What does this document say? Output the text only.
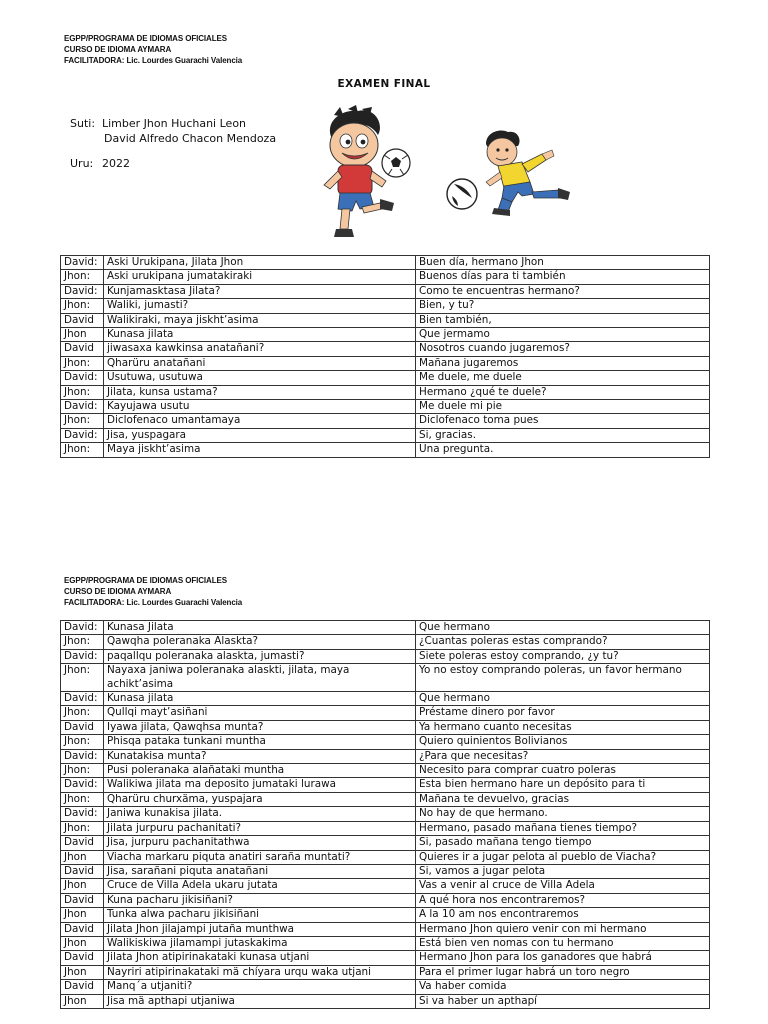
EGPP/PROGRAMA DE IDIOMAS OFICIALES
CURSO DE IDIOMA AYMARA
FACILITADORA: Lic. Lourdes Guarachi Valencia
EXAMEN FINAL
Suti: Limber Jhon Huchani Leon
David Alfredo Chacon Mendoza
Uru: 2022
David:	Aski Urukipana, Jilata Jhon	Buen día, hermano Jhon
Jhon:	Aski urukipana jumatakiraki	Buenos días para ti también
David:	Kunjamasktasa Jilata?	Como te encuentras hermano?
Jhon:	Waliki, jumasti?	Bien, y tu?
David	Walikiraki, maya jiskht’asima	Bien también,
Jhon	Kunasa jilata	Que jermamo
David	jiwasaxa kawkinsa anatañani?	Nosotros cuando jugaremos?
Jhon:	Qharüru anatañani	Mañana jugaremos
David:	Usutuwa, usutuwa	Me duele, me duele
Jhon:	Jilata, kunsa ustama?	Hermano ¿qué te duele?
David:	Kayujawa usutu	Me duele mi pie
Jhon:	Diclofenaco umantamaya	Diclofenaco toma pues
David:	Jisa, yuspagara	Si, gracias.
Jhon:	Maya jiskht’asima	Una pregunta.
EGPP/PROGRAMA DE IDIOMAS OFICIALES
CURSO DE IDIOMA AYMARA
FACILITADORA: Lic. Lourdes Guarachi Valencia
David:	Kunasa Jilata	Que hermano
Jhon:	Qawqha poleranaka Alaskta?	¿Cuantas poleras estas comprando?
David:	paqallqu poleranaka alaskta, jumasti?	Siete poleras estoy comprando, ¿y tu?
Jhon:	Nayaxa janiwa poleranaka alaskti, jilata, maya achikt’asima	Yo no estoy comprando poleras, un favor hermano
David:	Kunasa jilata	Que hermano
Jhon:	Qullqi mayt’asiñani	Préstame dinero por favor
David	Iyawa jilata, Qawqhsa munta?	Ya hermano cuanto necesitas
Jhon:	Phisqa pataka tunkani muntha	Quiero quinientos Bolivianos
David:	Kunatakisa munta?	¿Para que necesitas?
Jhon:	Pusi poleranaka alañataki muntha	Necesito para comprar cuatro poleras
David:	Walikiwa jilata ma deposito jumataki lurawa	Esta bien hermano hare un depósito para ti
Jhon:	Qharüru churxäma, yuspajara	Mañana te devuelvo, gracias
David:	Janiwa kunakisa jilata.	No hay de que hermano.
Jhon:	Jilata jurpuru pachanitati?	Hermano, pasado mañana tienes tiempo?
David	Jisa, jurpuru pachanitathwa	Si, pasado mañana tengo tiempo
Jhon	Viacha markaru piquta anatiri saraña muntati?	Quieres ir a jugar pelota al pueblo de Viacha?
David	Jisa, sarañani piquta anatañani	Si, vamos a jugar pelota
Jhon	Cruce de Villa Adela ukaru jutata	Vas a venir al cruce de Villa Adela
David	Kuna pacharu jikisiñani?	A qué hora nos encontraremos?
Jhon	Tunka alwa pacharu jikisiñani	A la 10 am nos encontraremos
David	Jilata Jhon jilajampi jutaña munthwa	Hermano Jhon quiero venir con mi hermano
Jhon	Walikiskiwa jilamampi jutaskakima	Está bien ven nomas con tu hermano
David	Jilata Jhon atipirinakataki kunasa utjani	Hermano Jhon para los ganadores que habrá
Jhon	Nayriri atipirinakataki mä chíyara urqu waka utjani	Para el primer lugar habrá un toro negro
David	Manq´a utjaniti?	Va haber comida
Jhon	Jisa mä apthapi utjaniwa	Si va haber un apthapí
